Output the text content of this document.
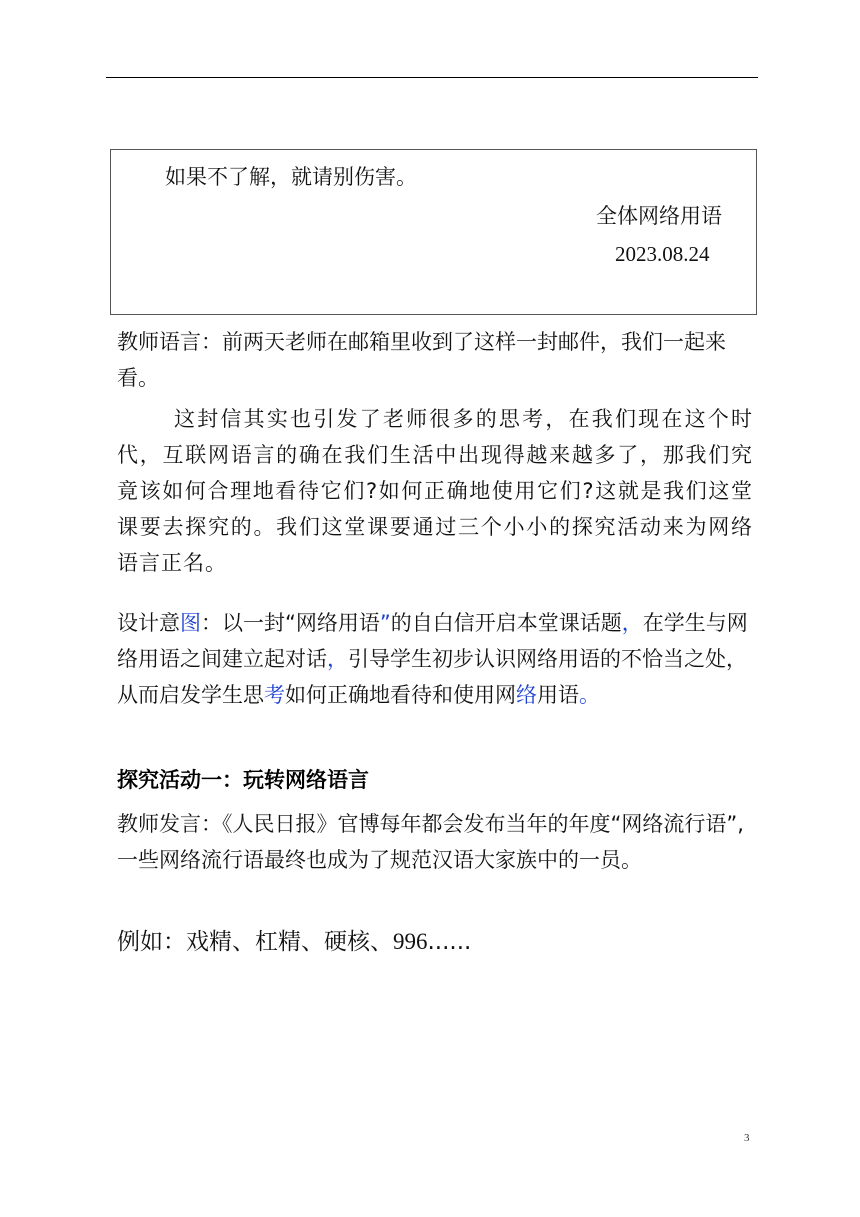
如果不了解，就请别伤害。
全体网络用语
2023.08.24
教师语言：前两天老师在邮箱里收到了这样一封邮件，我们一起来看。
这封信其实也引发了老师很多的思考，在我们现在这个时代，互联网语言的确在我们生活中出现得越来越多了，那我们究竟该如何合理地看待它们?如何正确地使用它们?这就是我们这堂课要去探究的。我们这堂课要通过三个小小的探究活动来为网络语言正名。
设计意图：以一封“网络用语”的自白信开启本堂课话题，在学生与网络用语之间建立起对话，引导学生初步认识网络用语的不恰当之处，从而启发学生思考如何正确地看待和使用网络用语。
探究活动一：玩转网络语言
教师发言：《人民日报》官博每年都会发布当年的年度“网络流行语”,一些网络流行语最终也成为了规范汉语大家族中的一员。
例如：戏精、杠精、硬核、996......
3
